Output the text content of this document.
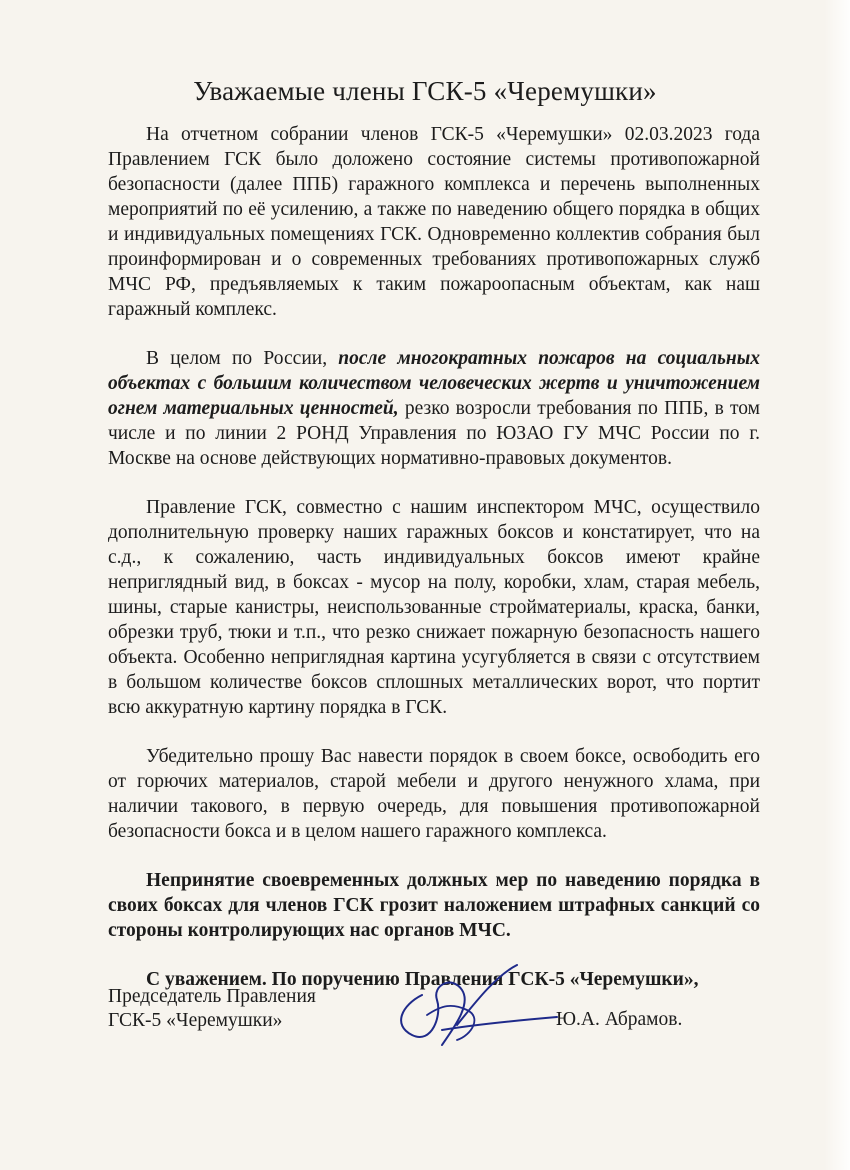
Уважаемые члены ГСК-5 «Черемушки»

На отчетном собрании членов ГСК-5 «Черемушки» 02.03.2023 года Правлением ГСК было доложено состояние системы противопожарной безопасности (далее ППБ) гаражного комплекса и перечень выполненных мероприятий по её усилению, а также по наведению общего порядка в общих и индивидуальных помещениях ГСК. Одновременно коллектив собрания был проинформирован и о современных требованиях противопожарных служб МЧС РФ, предъявляемых к таким пожароопасным объектам, как наш гаражный комплекс.

В целом по России, после многократных пожаров на социальных объектах с большим количеством человеческих жертв и уничтожением огнем материальных ценностей, резко возросли требования по ППБ, в том числе и по линии 2 РОНД Управления по ЮЗАО ГУ МЧС России по г. Москве на основе действующих нормативно-правовых документов.

Правление ГСК, совместно с нашим инспектором МЧС, осуществило дополнительную проверку наших гаражных боксов и констатирует, что на с.д., к сожалению, часть индивидуальных боксов имеют крайне неприглядный вид, в боксах - мусор на полу, коробки, хлам, старая мебель, шины, старые канистры, неиспользованные стройматериалы, краска, банки, обрезки труб, тюки и т.п., что резко снижает пожарную безопасность нашего объекта. Особенно неприглядная картина усугубляется в связи с отсутствием в большом количестве боксов сплошных металлических ворот, что портит всю аккуратную картину порядка в ГСК.

Убедительно прошу Вас навести порядок в своем боксе, освободить его от горючих материалов, старой мебели и другого ненужного хлама, при наличии такового, в первую очередь, для повышения противопожарной безопасности бокса и в целом нашего гаражного комплекса.

Непринятие своевременных должных мер по наведению порядка в своих боксах для членов ГСК грозит наложением штрафных санкций со стороны контролирующих нас органов МЧС.

С уважением. По поручению Правления ГСК-5 «Черемушки»,

Председатель Правления
ГСК-5 «Черемушки»	Ю.А. Абрамов.
